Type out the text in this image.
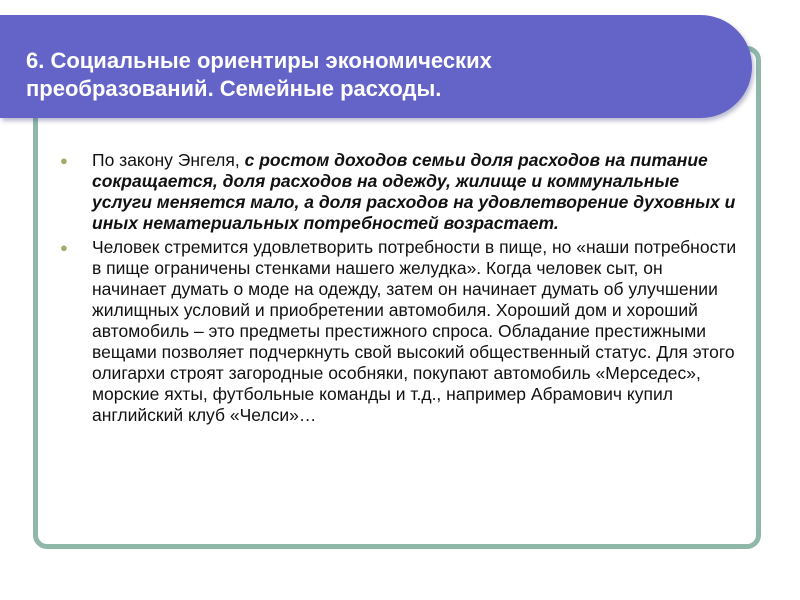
6. Социальные ориентиры экономических
преобразований. Семейные расходы.
● По закону Энгеля, с ростом доходов семьи доля расходов на питание сокращается, доля расходов на одежду, жилище и коммунальные услуги меняется мало, а доля расходов на удовлетворение духовных и иных нематериальных потребностей возрастает.
● Человек стремится удовлетворить потребности в пище, но «наши потребности в пище ограничены стенками нашего желудка». Когда человек сыт, он начинает думать о моде на одежду, затем он начинает думать об улучшении жилищных условий и приобретении автомобиля. Хороший дом и хороший автомобиль – это предметы престижного спроса. Обладание престижными вещами позволяет подчеркнуть свой высокий общественный статус. Для этого олигархи строят загородные особняки, покупают автомобиль «Мерседес», морские яхты, футбольные команды и т.д., например Абрамович купил английский клуб «Челси»…
